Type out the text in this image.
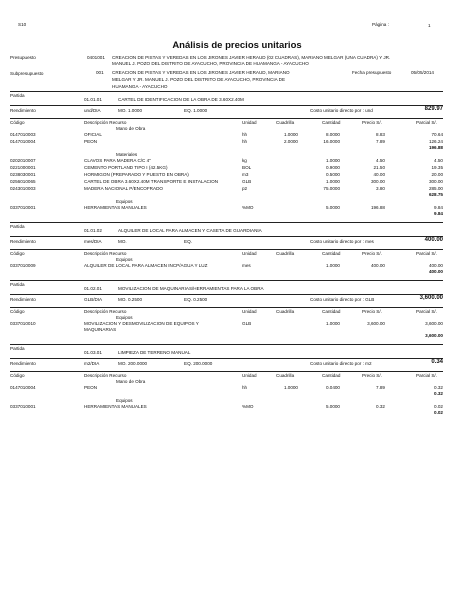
S10	Página :	1
Análisis de precios unitarios
Presupuesto	0401001 CREACION DE PISTAS Y VEREDAS EN LOS JIRONES JAVIER HERAUD (02 CUADRAS), MARIANO MELGAR (UNA CUADRA) Y JR.
MANUEL J. POZO DEL DISTRITO DE AYACUCHO, PROVINCIA DE HUAMANGA - AYACUCHO
Subpresupuesto	001 CREACION DE PISTAS Y VEREDAS EN LOS JIRONES JAVIER HERAUD, MARIANO
MELGAR Y JR. MANUEL J. POZO DEL DISTRITO DE AYACUCHO, PROVINCIA DE
HUAMANGA - AYACUCHO
Fecha presupuesto	05/05/2014
Partida
01.01.01	CARTEL DE IDENTIFICACION DE LA OBRA DE 3.60X2.40M
Rendimiento	und/DIA	MO. 1.0000	EQ. 1.0000	Costo unitario directo por : und	829.97
Código	Descripción Recurso	Unidad	Cuadrilla	Cantidad	Precio S/.	Parcial S/.
Mano de Obra
0147010003	OFICIAL	hh	1.0000	8.0000	8.83	70.64
0147010004	PEON	hh	2.0000	16.0000	7.89	126.24
196.88
Materiales
0202010007	CLAVOS PARA MADERA C/C 4"	kg	1.0000	4.50	4.50
0221000001	CEMENTO PORTLAND TIPO I (42.5KG)	BOL	0.9000	21.50	19.35
0238030001	HORMIGON (PREPARADO Y PUESTO EN OBRA)	m3	0.5000	40.00	20.00
0256010065	CARTEL DE OBRA 3.60X2.40M TRANSPORTE E INSTALACION	GLB	1.0000	300.00	300.00
0243010003	MADERA NACIONAL P/ENCOFRADO	p2	75.0000	3.80	285.00
628.75
Equipos
0337010001	HERRAMIENTAS MANUALES	%MO	5.0000	196.88	9.84
9.84
Partida
01.01.02	ALQUILER DE LOCAL PARA ALMACEN Y CASETA DE GUARDIANIA
Rendimiento	mes/DIA	MO.	EQ.	Costo unitario directo por : mes	400.00
Código	Descripción Recurso	Unidad	Cuadrilla	Cantidad	Precio S/.	Parcial S/.
Equipos
0337010009	ALQUILER DE LOCAL PARA ALMACEN INCP/AGUA Y LUZ	mes	1.0000	400.00	400.00
400.00
Partida
01.02.01	MOVILIZACION DE MAQUINARIAS/HERRAMIENTAS PARA LA OBRA
Rendimiento	GLB/DIA	MO. 0.2500	EQ. 0.2500	Costo unitario directo por : GLB	3,600.00
Código	Descripción Recurso	Unidad	Cuadrilla	Cantidad	Precio S/.	Parcial S/.
Equipos
0337010010	MOVILIZACION Y DESMOVILIZACION DE EQUIPOS Y	GLB	1.0000	3,600.00	3,600.00
MAQUINARIAS
3,600.00
Partida
01.03.01	LIMPIEZA DE TERRENO MANUAL
Rendimiento	m2/DIA	MO. 200.0000	EQ. 200.0000	Costo unitario directo por : m2	0.34
Código	Descripción Recurso	Unidad	Cuadrilla	Cantidad	Precio S/.	Parcial S/.
Mano de Obra
0147010004	PEON	hh	1.0000	0.0400	7.89	0.32
0.32
Equipos
0337010001	HERRAMIENTAS MANUALES	%MO	5.0000	0.32	0.02
0.02
